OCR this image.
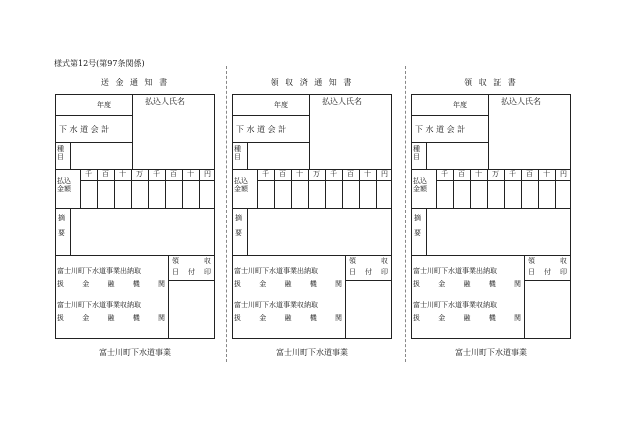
様式第12号(第97条関係)
送 金 通 知 書
年度	払込人氏名
下 水 道 会 計
種
目
払込
金額
千	百	十	万	千	百	十	円
摘

要
富士川町下水道事業出納取
扱 金 融 機 関
富士川町下水道事業収納取
扱 金 融 機 関
領 収
日 付 印
富士川町下水道事業
領 収 済 通 知 書
年度	払込人氏名
下 水 道 会 計
種
目
払込
金額
千	百	十	万	千	百	十	円
摘

要
富士川町下水道事業出納取
扱 金 融 機 関
富士川町下水道事業収納取
扱 金 融 機 関
領 収
日 付 印
富士川町下水道事業
領 収 証 書
年度	払込人氏名
下 水 道 会 計
種
目
払込
金額
千	百	十	万	千	百	十	円
摘

要
富士川町下水道事業出納取
扱 金 融 機 関
富士川町下水道事業収納取
扱 金 融 機 関
領 収
日 付 印
富士川町下水道事業
